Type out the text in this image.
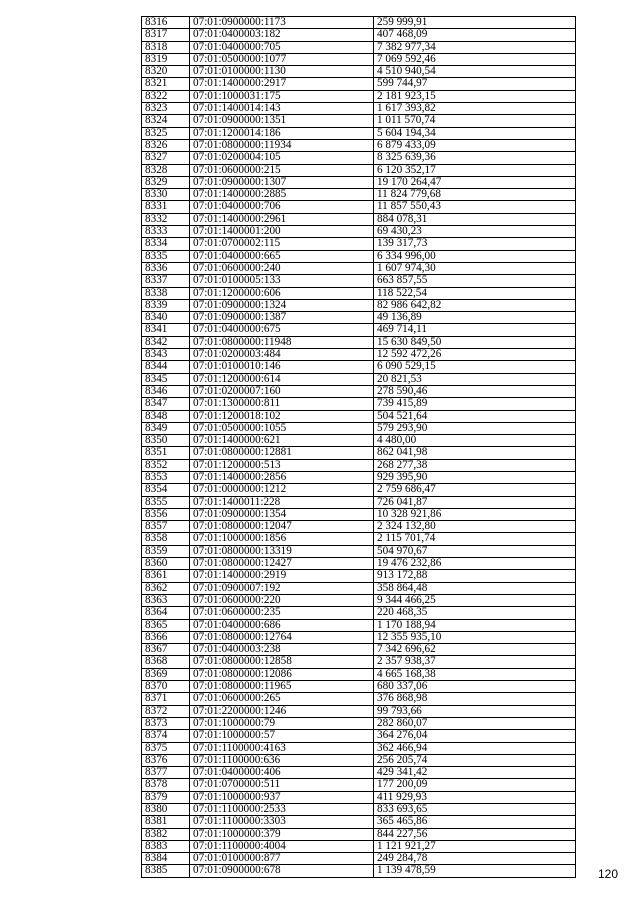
8316	07:01:0900000:1173	259 999,91
8317	07:01:0400003:182	407 468,09
8318	07:01:0400000:705	7 382 977,34
8319	07:01:0500000:1077	7 069 592,46
8320	07:01:0100000:1130	4 510 940,54
8321	07:01:1400000:2917	599 744,97
8322	07:01:1000031:175	2 181 923,15
8323	07:01:1400014:143	1 617 393,82
8324	07:01:0900000:1351	1 011 570,74
8325	07:01:1200014:186	5 604 194,34
8326	07:01:0800000:11934	6 879 433,09
8327	07:01:0200004:105	8 325 639,36
8328	07:01:0600000:215	6 120 352,17
8329	07:01:0900000:1307	19 170 264,47
8330	07:01:1400000:2885	11 824 779,68
8331	07:01:0400000:706	11 857 550,43
8332	07:01:1400000:2961	884 078,31
8333	07:01:1400001:200	69 430,23
8334	07:01:0700002:115	139 317,73
8335	07:01:0400000:665	6 334 996,00
8336	07:01:0600000:240	1 607 974,30
8337	07:01:0100005:133	663 857,55
8338	07:01:1200000:606	118 522,54
8339	07:01:0900000:1324	82 986 642,82
8340	07:01:0900000:1387	49 136,89
8341	07:01:0400000:675	469 714,11
8342	07:01:0800000:11948	15 630 849,50
8343	07:01:0200003:484	12 592 472,26
8344	07:01:0100010:146	6 090 529,15
8345	07:01:1200000:614	20 821,53
8346	07:01:0200007:160	278 590,46
8347	07:01:1300000:811	739 415,89
8348	07:01:1200018:102	504 521,64
8349	07:01:0500000:1055	579 293,90
8350	07:01:1400000:621	4 480,00
8351	07:01:0800000:12881	862 041,98
8352	07:01:1200000:513	268 277,38
8353	07:01:1400000:2856	929 395,90
8354	07:01:0000000:1212	2 759 686,47
8355	07:01:1400011:228	726 041,87
8356	07:01:0900000:1354	10 328 921,86
8357	07:01:0800000:12047	2 324 132,80
8358	07:01:1000000:1856	2 115 701,74
8359	07:01:0800000:13319	504 970,67
8360	07:01:0800000:12427	19 476 232,86
8361	07:01:1400000:2919	913 172,88
8362	07:01:0900007:192	358 864,48
8363	07:01:0600000:220	9 344 466,25
8364	07:01:0600000:235	220 468,35
8365	07:01:0400000:686	1 170 188,94
8366	07:01:0800000:12764	12 355 935,10
8367	07:01:0400003:238	7 342 696,62
8368	07:01:0800000:12858	2 357 938,37
8369	07:01:0800000:12086	4 665 168,38
8370	07:01:0800000:11965	680 337,06
8371	07:01:0600000:265	376 868,98
8372	07:01:2200000:1246	99 793,66
8373	07:01:1000000:79	282 860,07
8374	07:01:1000000:57	364 276,04
8375	07:01:1100000:4163	362 466,94
8376	07:01:1100000:636	256 205,74
8377	07:01:0400000:406	429 341,42
8378	07:01:0700000:511	177 200,09
8379	07:01:1000000:937	411 929,93
8380	07:01:1100000:2533	833 693,65
8381	07:01:1100000:3303	365 465,86
8382	07:01:1000000:379	844 227,56
8383	07:01:1100000:4004	1 121 921,27
8384	07:01:0100000:877	249 284,78
8385	07:01:0900000:678	1 139 478,59	120
